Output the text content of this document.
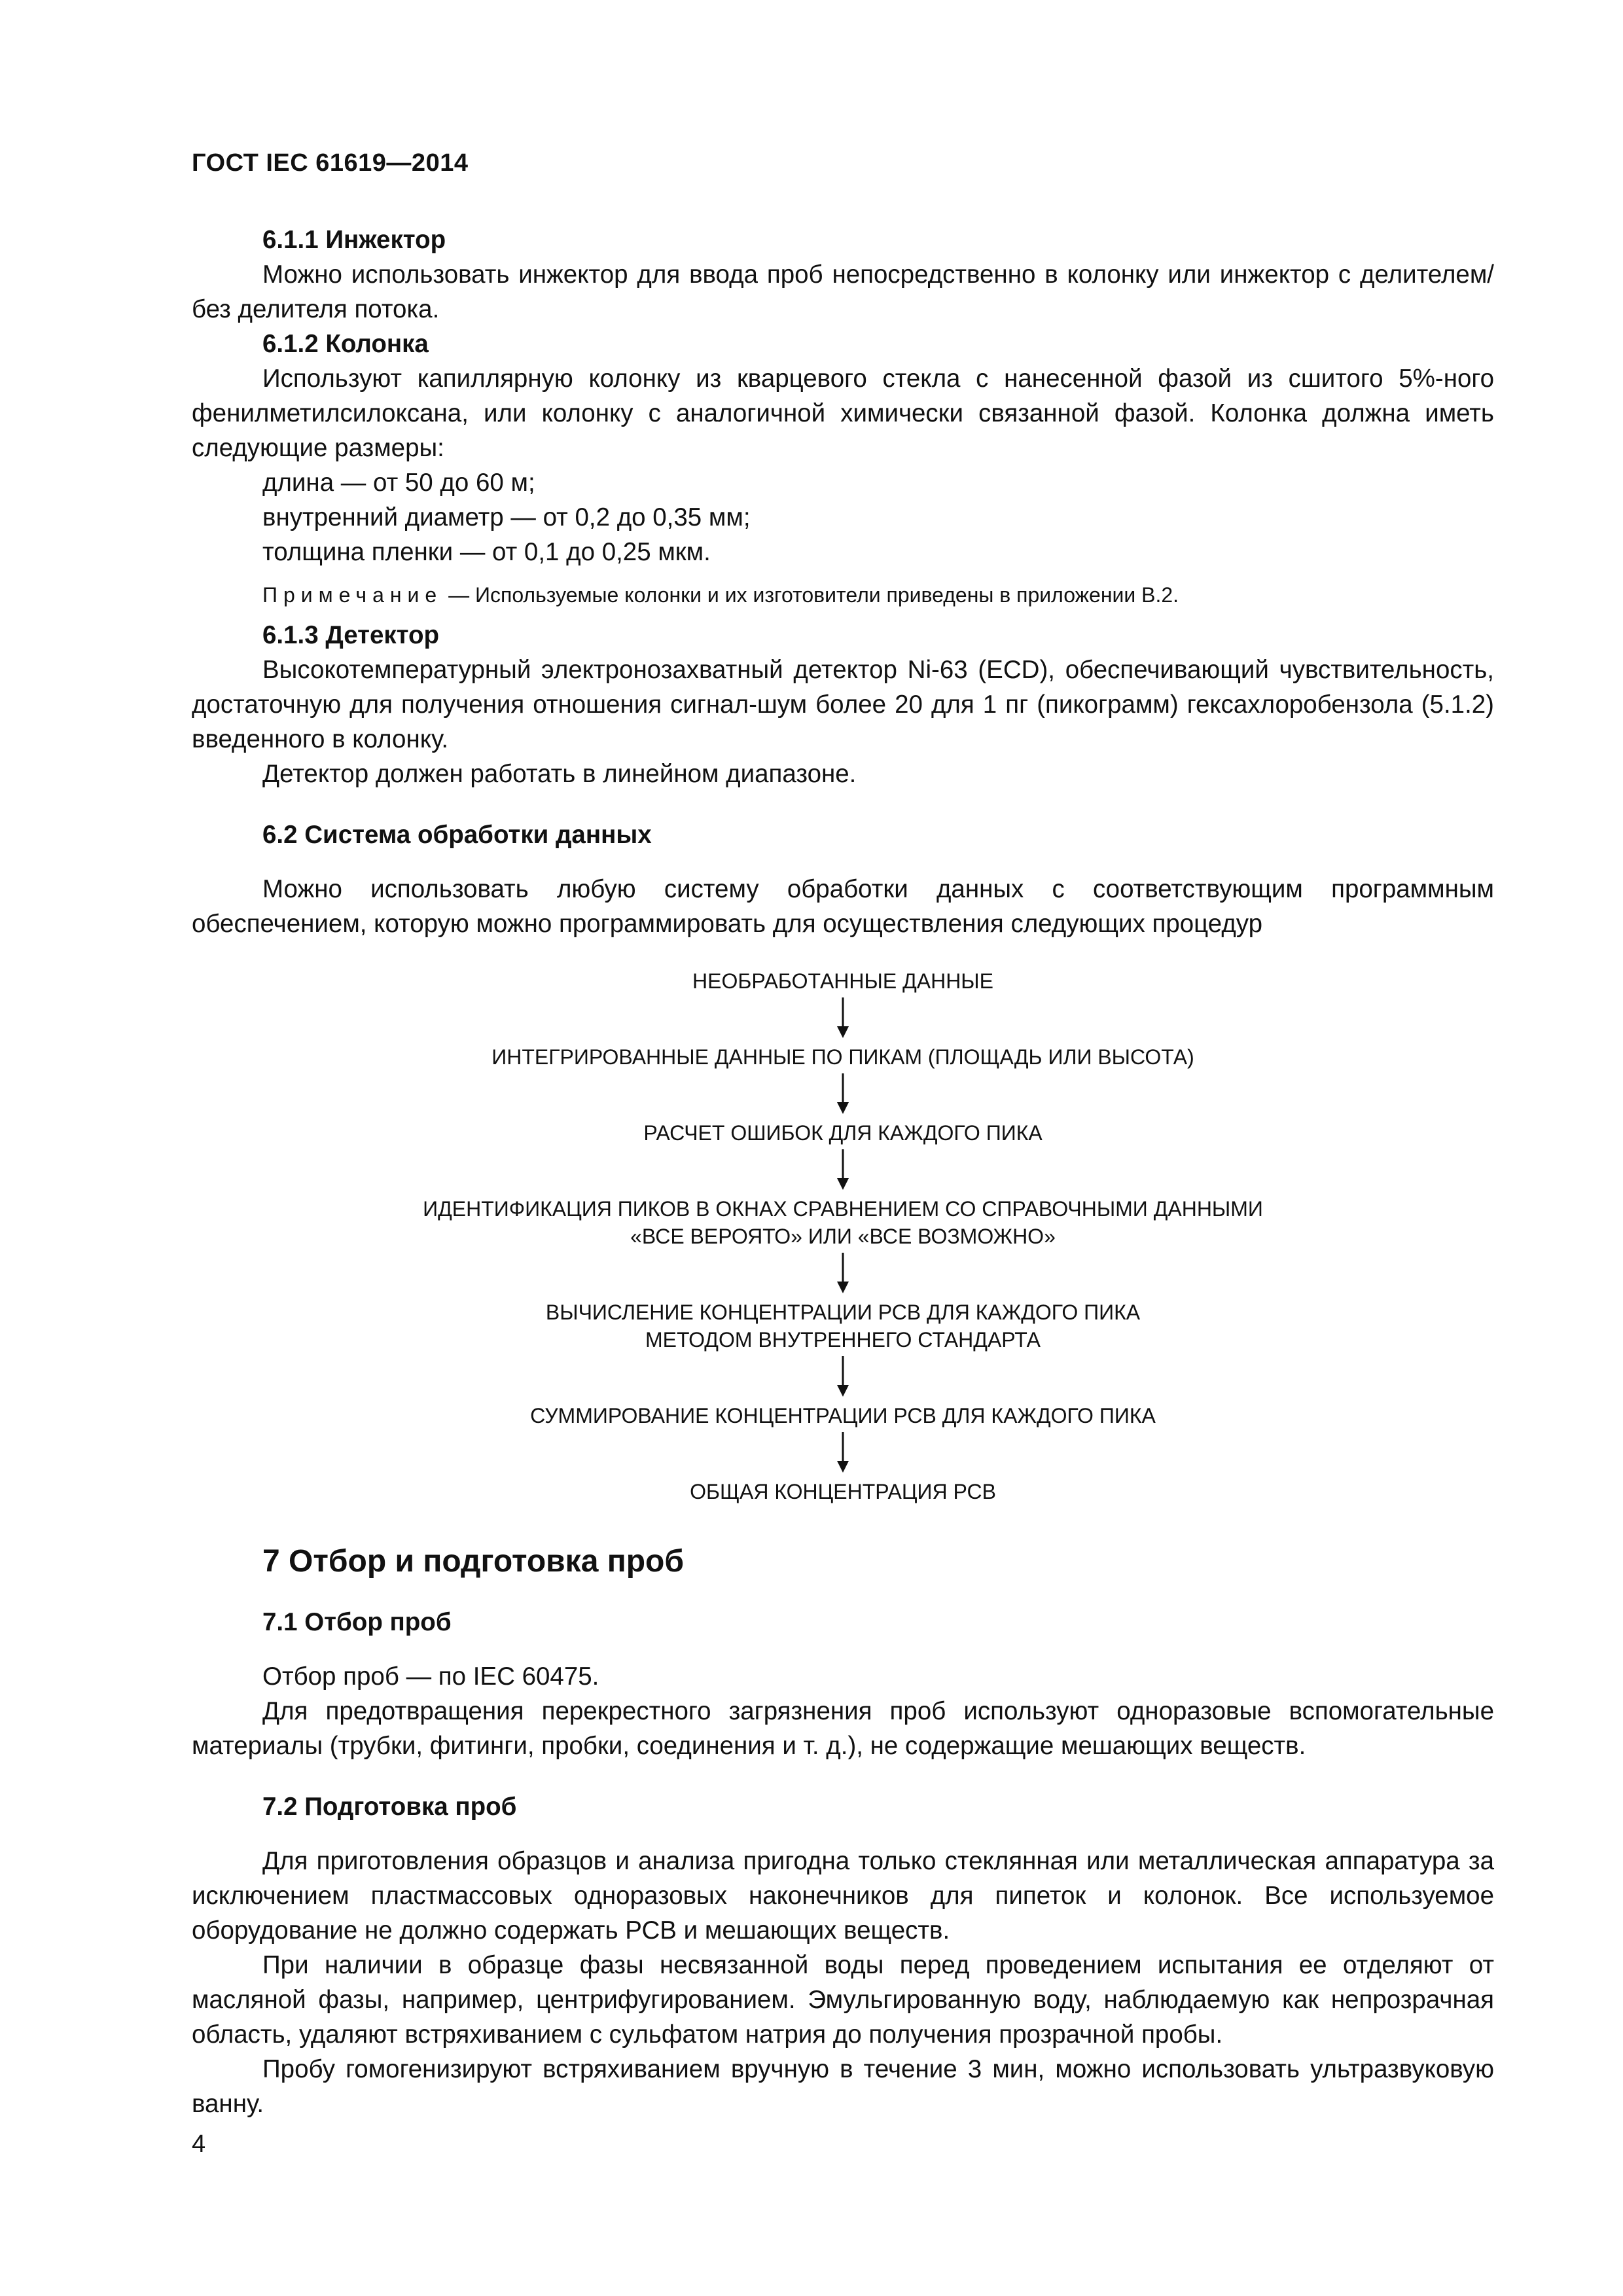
ГОСТ IEC 61619—2014
6.1.1 Инжектор

Можно использовать инжектор для ввода проб непосредственно в колонку или инжектор с делителем/без делителя потока.

6.1.2 Колонка

Используют капиллярную колонку из кварцевого стекла с нанесенной фазой из сшитого 5%-ного фенилметилсилоксана, или колонку с аналогичной химически связанной фазой. Колонка должна иметь следующие размеры:

длина — от 50 до 60 м;
внутренний диаметр — от 0,2 до 0,35 мм;
толщина пленки — от 0,1 до 0,25 мкм.
Примечание — Используемые колонки и их изготовители приведены в приложении В.2.
6.1.3 Детектор

Высокотемпературный электронозахватный детектор Ni-63 (ECD), обеспечивающий чувствительность, достаточную для получения отношения сигнал-шум более 20 для 1 пг (пикограмм) гексахлоробензола (5.1.2) введенного в колонку.

Детектор должен работать в линейном диапазоне.

6.2 Система обработки данных

Можно использовать любую систему обработки данных с соответствующим программным обеспечением, которую можно программировать для осуществления следующих процедур

НЕОБРАБОТАННЫЕ ДАННЫЕ
ИНТЕГРИРОВАННЫЕ ДАННЫЕ ПО ПИКАМ (ПЛОЩАДЬ ИЛИ ВЫСОТА)
РАСЧЕТ ОШИБОК ДЛЯ КАЖДОГО ПИКА
ИДЕНТИФИКАЦИЯ ПИКОВ В ОКНАХ СРАВНЕНИЕМ СО СПРАВОЧНЫМИ ДАННЫМИ
«ВСЕ ВЕРОЯТО» ИЛИ «ВСЕ ВОЗМОЖНО»
ВЫЧИСЛЕНИЕ КОНЦЕНТРАЦИИ РСВ ДЛЯ КАЖДОГО ПИКА
МЕТОДОМ ВНУТРЕННЕГО СТАНДАРТА
СУММИРОВАНИЕ КОНЦЕНТРАЦИИ РСВ ДЛЯ КАЖДОГО ПИКА
ОБЩАЯ КОНЦЕНТРАЦИЯ РСВ
7 Отбор и подготовка проб
7.1 Отбор проб

Отбор проб — по IEC 60475.

Для предотвращения перекрестного загрязнения проб используют одноразовые вспомогательные материалы (трубки, фитинги, пробки, соединения и т. д.), не содержащие мешающих веществ.

7.2 Подготовка проб

Для приготовления образцов и анализа пригодна только стеклянная или металлическая аппаратура за исключением пластмассовых одноразовых наконечников для пипеток и колонок. Все используемое оборудование не должно содержать РСВ и мешающих веществ.

При наличии в образце фазы несвязанной воды перед проведением испытания ее отделяют от масляной фазы, например, центрифугированием. Эмульгированную воду, наблюдаемую как непрозрачная область, удаляют встряхиванием с сульфатом натрия до получения прозрачной пробы.

Пробу гомогенизируют встряхиванием вручную в течение 3 мин, можно использовать ультразвуковую ванну.

4
